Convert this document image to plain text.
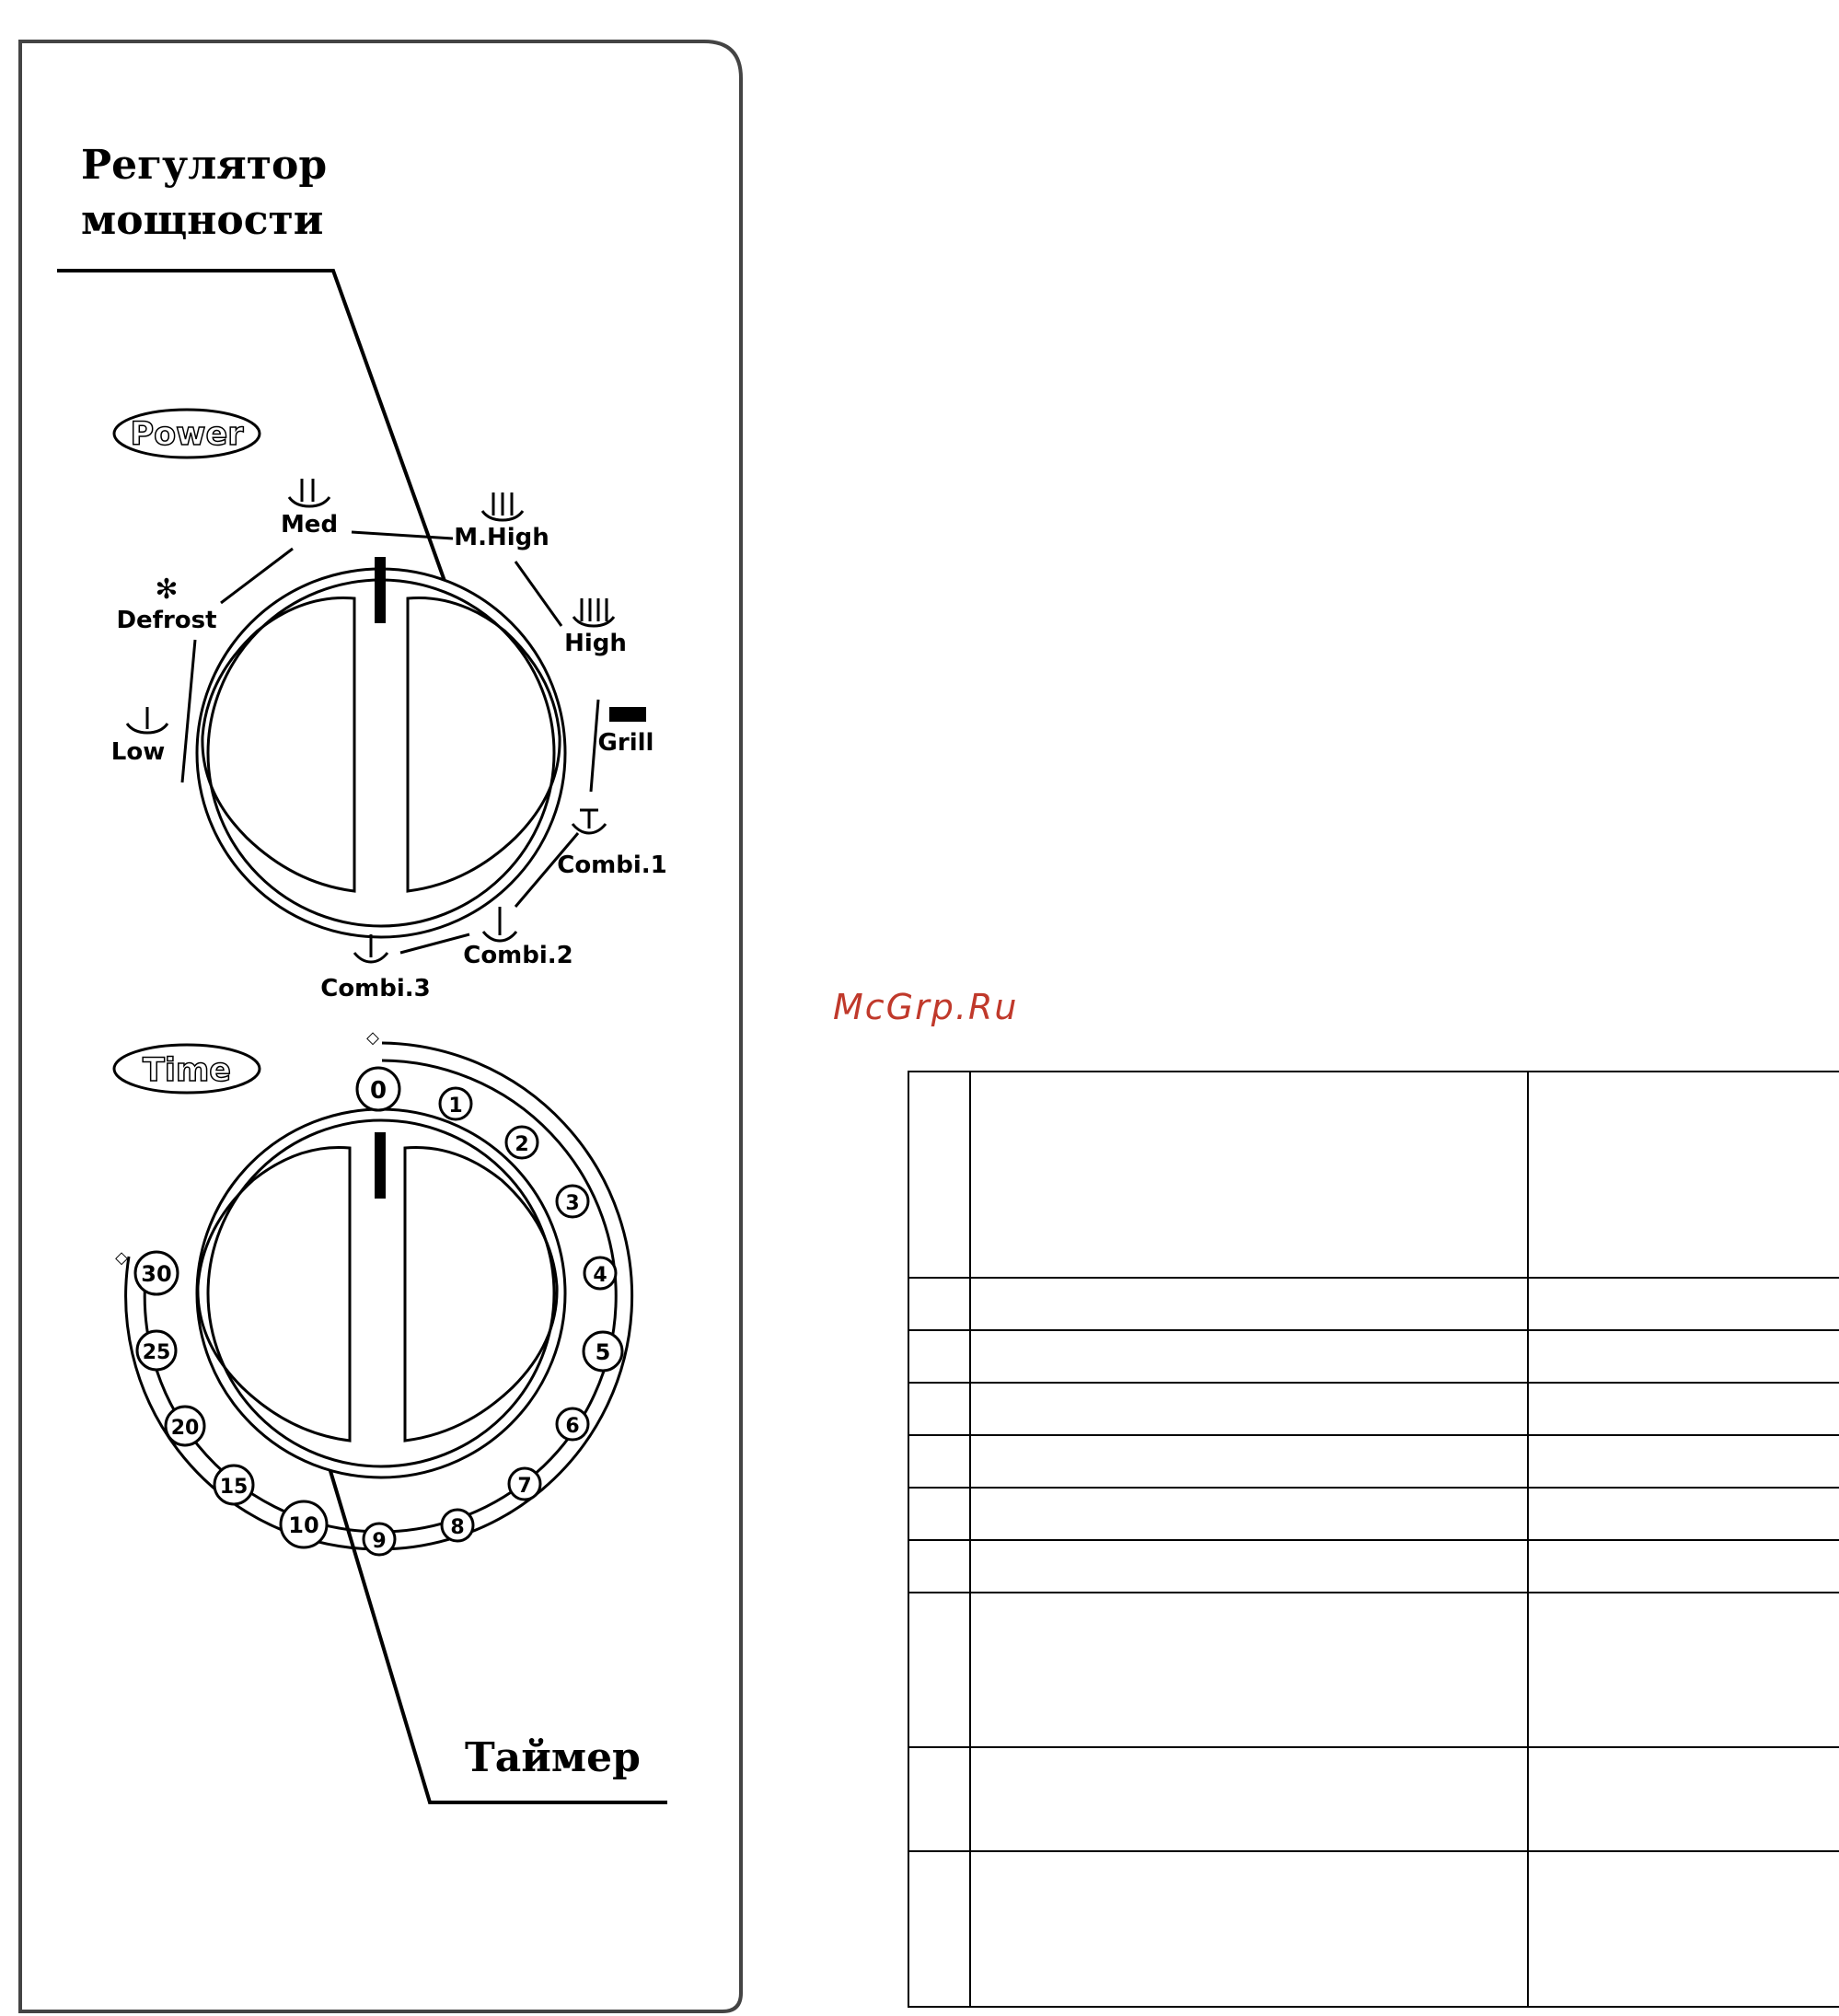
Power
Low
✻
Defrost
Med	M.High
High
Grill
Combi.1
Combi.2
Combi.3
Time
◇
◇
0
1
2
3
4
5
6
7
8
9
10
15
20
25
30
Регулятор
мощности
Таймер
McGrp.Ru
